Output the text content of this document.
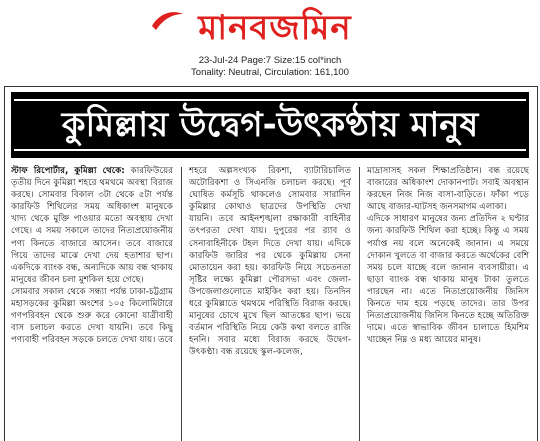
মানবজমিন
23-Jul-24 Page:7 Size:15 col*inch
Tonality: Neutral, Circulation: 161,100
কুমিল্লায় উদ্বেগ-উৎকণ্ঠায় মানুষ

স্টাফ রিপোর্টার, কুমিল্লা থেকে: কারফিউয়ের তৃতীয় দিনে কুমিল্লা শহরে থমথমে অবস্থা বিরাজ করছে। সোমবার বিকাল ৩টা থেকে ৫টা পর্যন্ত কারফিউ শিথিলের সময় অধিকাংশ মানুষকে খাদ্য থেকে মুক্তি পাওয়ার মতো অবস্থায় দেখা গেছে। এ সময় সকালে তাদের নিত্যপ্রয়োজনীয় পণ্য কিনতে বাজারে আসেন। তবে বাজারে গিয়ে তাদের মাঝে দেখা দেয় হতাশার ছাপ। একদিকে ব্যাংক বন্ধ, অন্যদিকে আয় বন্ধ থাকায় মানুষের জীবন চলা মুশকিল হয়ে গেছে।

সোমবার সকাল থেকে সন্ধ্যা পর্যন্ত ঢাকা-চট্টগ্রাম মহাসড়কের কুমিল্লা অংশের ১০৫ কিলোমিটারে গণপরিবহন থেকে শুরু করে কোনো যাত্রীবাহী বাস চলাচল করতে দেখা যায়নি। তবে কিছু পণ্যবাহী পরিবহন সড়কে চলতে দেখা যায়। তবে

শহরে অল্পসংখ্যক রিকশা, ব্যাটারিচালিত অটোরিকশা ও সিএনজি চলাচল করছে। পূর্ব ঘোষিত কর্মসূচি থাকলেও সোমবার সারাদিন কুমিল্লার কোথাও ছাত্রদের উপস্থিতি দেখা যায়নি। তবে আইনশৃঙ্খলা রক্ষাকারী বাহিনীর তৎপরতা দেখা যায়। দুপুরের পর র‌্যাব ও সেনাবাহিনীকে টহল দিতে দেখা যায়। এদিকে কারফিউ জারির পর থেকে কুমিল্লায় সেনা মোতায়েন করা হয়। কারফিউ নিয়ে সচেতনতা সৃষ্টির লক্ষ্যে কুমিল্লা পৌরসভা এবং জেলা-উপজেলাগুলোতে মাইকিং করা হয়। তিনদিন ধরে কুমিল্লাতে থমথমে পরিস্থিতি বিরাজ করছে। মানুষের চোখে মুখে ছিল আতঙ্কের ছাপ। ভয়ে বর্তমান পরিস্থিতি নিয়ে কেউ কথা বলতে রাজি হননি। সবার মধ্যে বিরাজ করছে উদ্বেগ-উৎকণ্ঠা। বন্ধ রয়েছে স্কুল-কলেজ,

মাদ্রাসাসহ সকল শিক্ষাপ্রতিষ্ঠান। বন্ধ রয়েছে বাজারের অধিকাংশ দোকানপাট। সবাই অবস্থান করছেন নিজ নিজ বাসা-বাড়িতে। ফাঁকা পড়ে আছে বাজার-ঘাটসহ জনসমাগম এলাকা।

এদিকে সাধারণ মানুষের জন্য প্রতিদিন ২ ঘণ্টার জন্য কারফিউ শিথিল করা হচ্ছে। কিন্তু এ সময় পর্যাপ্ত নয় বলে অনেকেই জানান। এ সময়ে দোকান খুলতে বা বাজার করতে অর্থেকের বেশি সময় চলে যাচ্ছে বলে জানান ব্যবসায়ীরা। এ ছাড়া ব্যাংক বন্ধ থাকায় মানুষ টাকা তুলতে পারছেন না। এতে নিত্যপ্রয়োজনীয় জিনিস কিনতে দাম হয়ে পড়ছে তাদের। তার উপর নিত্যপ্রয়োজনীয় জিনিস কিনতে হচ্ছে অতিরিক্ত দামে। এতে স্বাভাবিক জীবন চালাতে হিমশিম খাচ্ছেন নিম্ন ও মধ্য আয়ের মানুষ।
